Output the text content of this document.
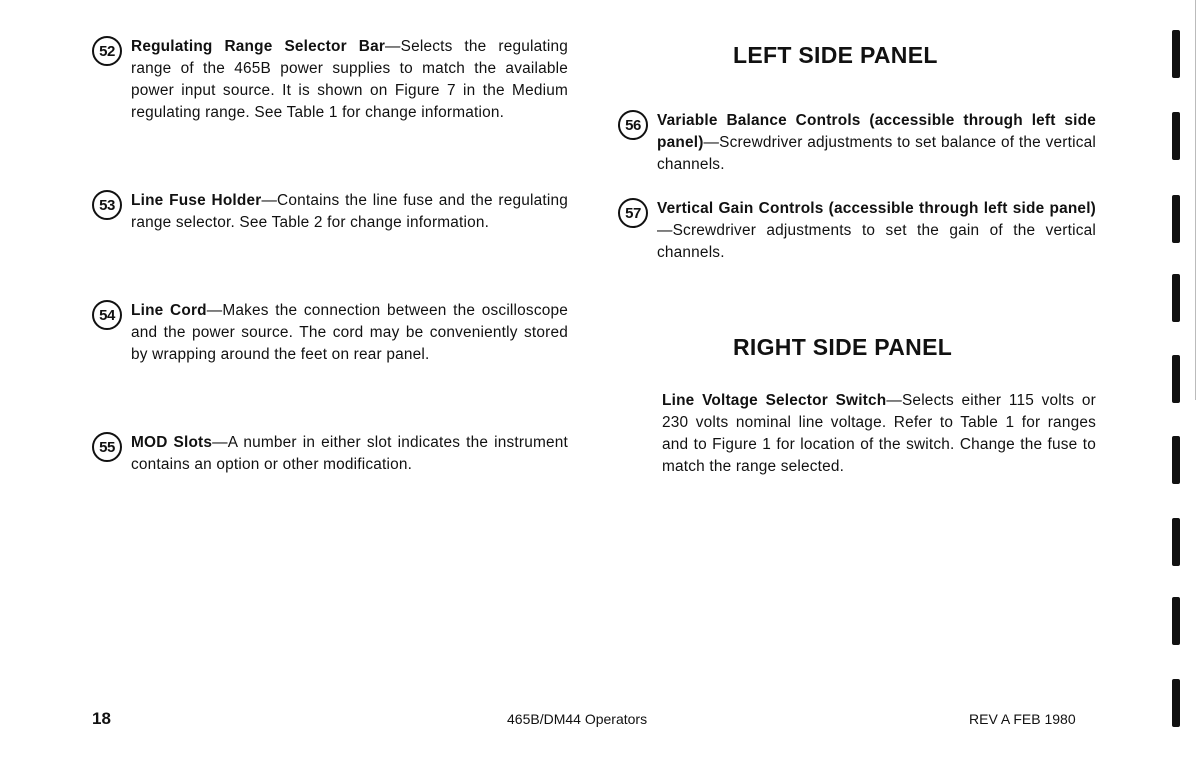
52	Regulating Range Selector Bar—Selects the regulating range of the 465B power supplies to match the available power input source. It is shown on Figure 7 in the Medium regulating range. See Table 1 for change information.
53	Line Fuse Holder—Contains the line fuse and the regulating range selector. See Table 2 for change information.
54	Line Cord—Makes the connection between the oscilloscope and the power source. The cord may be conveniently stored by wrapping around the feet on rear panel.
55	MOD Slots—A number in either slot indicates the instrument contains an option or other modification.
LEFT SIDE PANEL
56	Variable Balance Controls (accessible through left side panel)—Screwdriver adjustments to set balance of the vertical channels.
57	Vertical Gain Controls (accessible through left side panel)—Screwdriver adjustments to set the gain of the vertical channels.
RIGHT SIDE PANEL
Line Voltage Selector Switch—Selects either 115 volts or 230 volts nominal line voltage. Refer to Table 1 for ranges and to Figure 1 for location of the switch. Change the fuse to match the range selected.
18	465B/DM44 Operators	REV A FEB 1980
